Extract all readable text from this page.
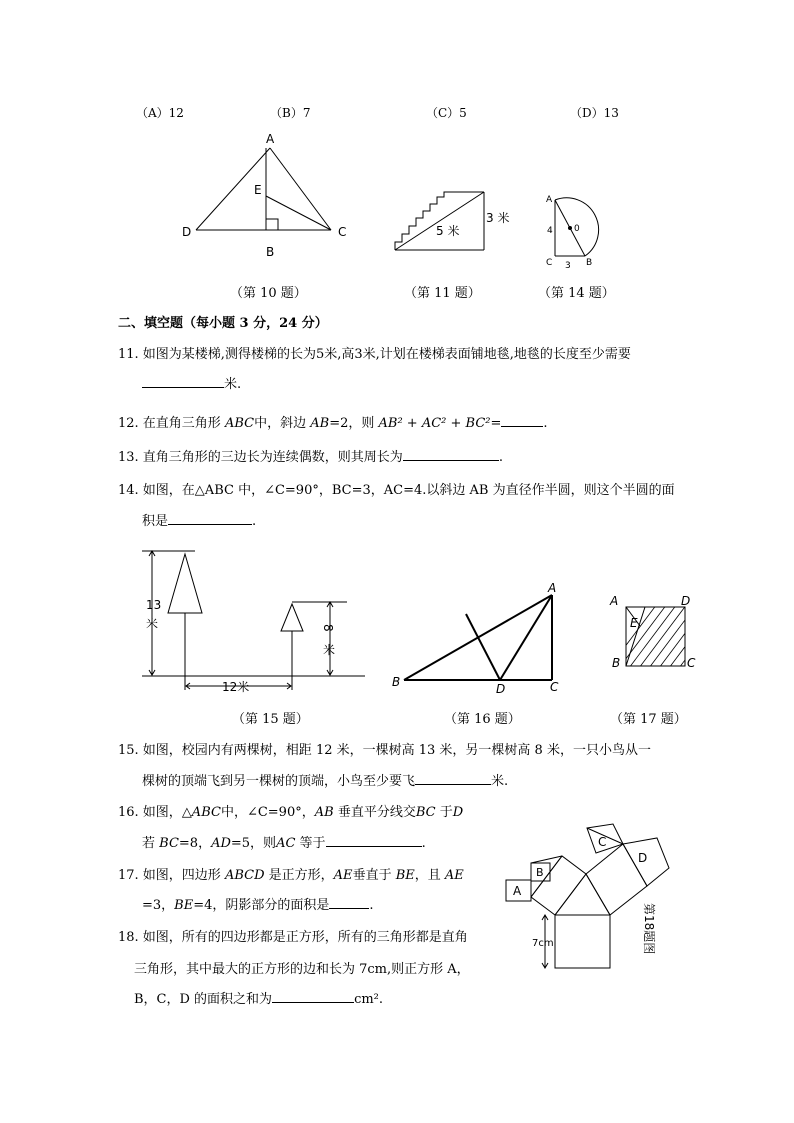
（A）12	（B）7	（C）5	（D）13
A
E
D
B
C	5 米
3 米
A
0
4
C 3 B
（第 10 题）	（第 11 题）	（第 14 题）
二、填空题（每小题 3 分，24 分）
11. 如图为某楼梯,测得楼梯的长为5米,高3米,计划在楼梯表面铺地毯,地毯的长度至少需要
米.
12. 在直角三角形 ABC中，斜边 AB=2，则 AB² + AC² + BC²=	.
13. 直角三角形的三边长为连续偶数，则其周长为	.
14. 如图，在△ABC 中，∠C=90°，BC=3，AC=4.以斜边 AB 为直径作半圆，则这个半圆的面
积是	.
13
米	8
米
12米
A
B	C
D
A	D
E
B	C
（第 15 题）	（第 16 题）	（第 17 题）
15. 如图，校园内有两棵树，相距 12 米，一棵树高 13 米，另一棵树高 8 米，一只小鸟从一
棵树的顶端飞到另一棵树的顶端，小鸟至少要飞	米.
16. 如图，△ABC中，∠C=90°，AB 垂直平分线交BC 于D
若 BC=8，AD=5，则AC 等于	.
17. 如图，四边形 ABCD 是正方形，AE垂直于 BE，且 AE
=3，BE=4，阴影部分的面积是	.
18. 如图，所有的四边形都是正方形，所有的三角形都是直角
三角形，其中最大的正方形的边和长为 7cm,则正方形 A，
B，C，D 的面积之和为	cm².
A
B
C
D
7cm	第18题图
